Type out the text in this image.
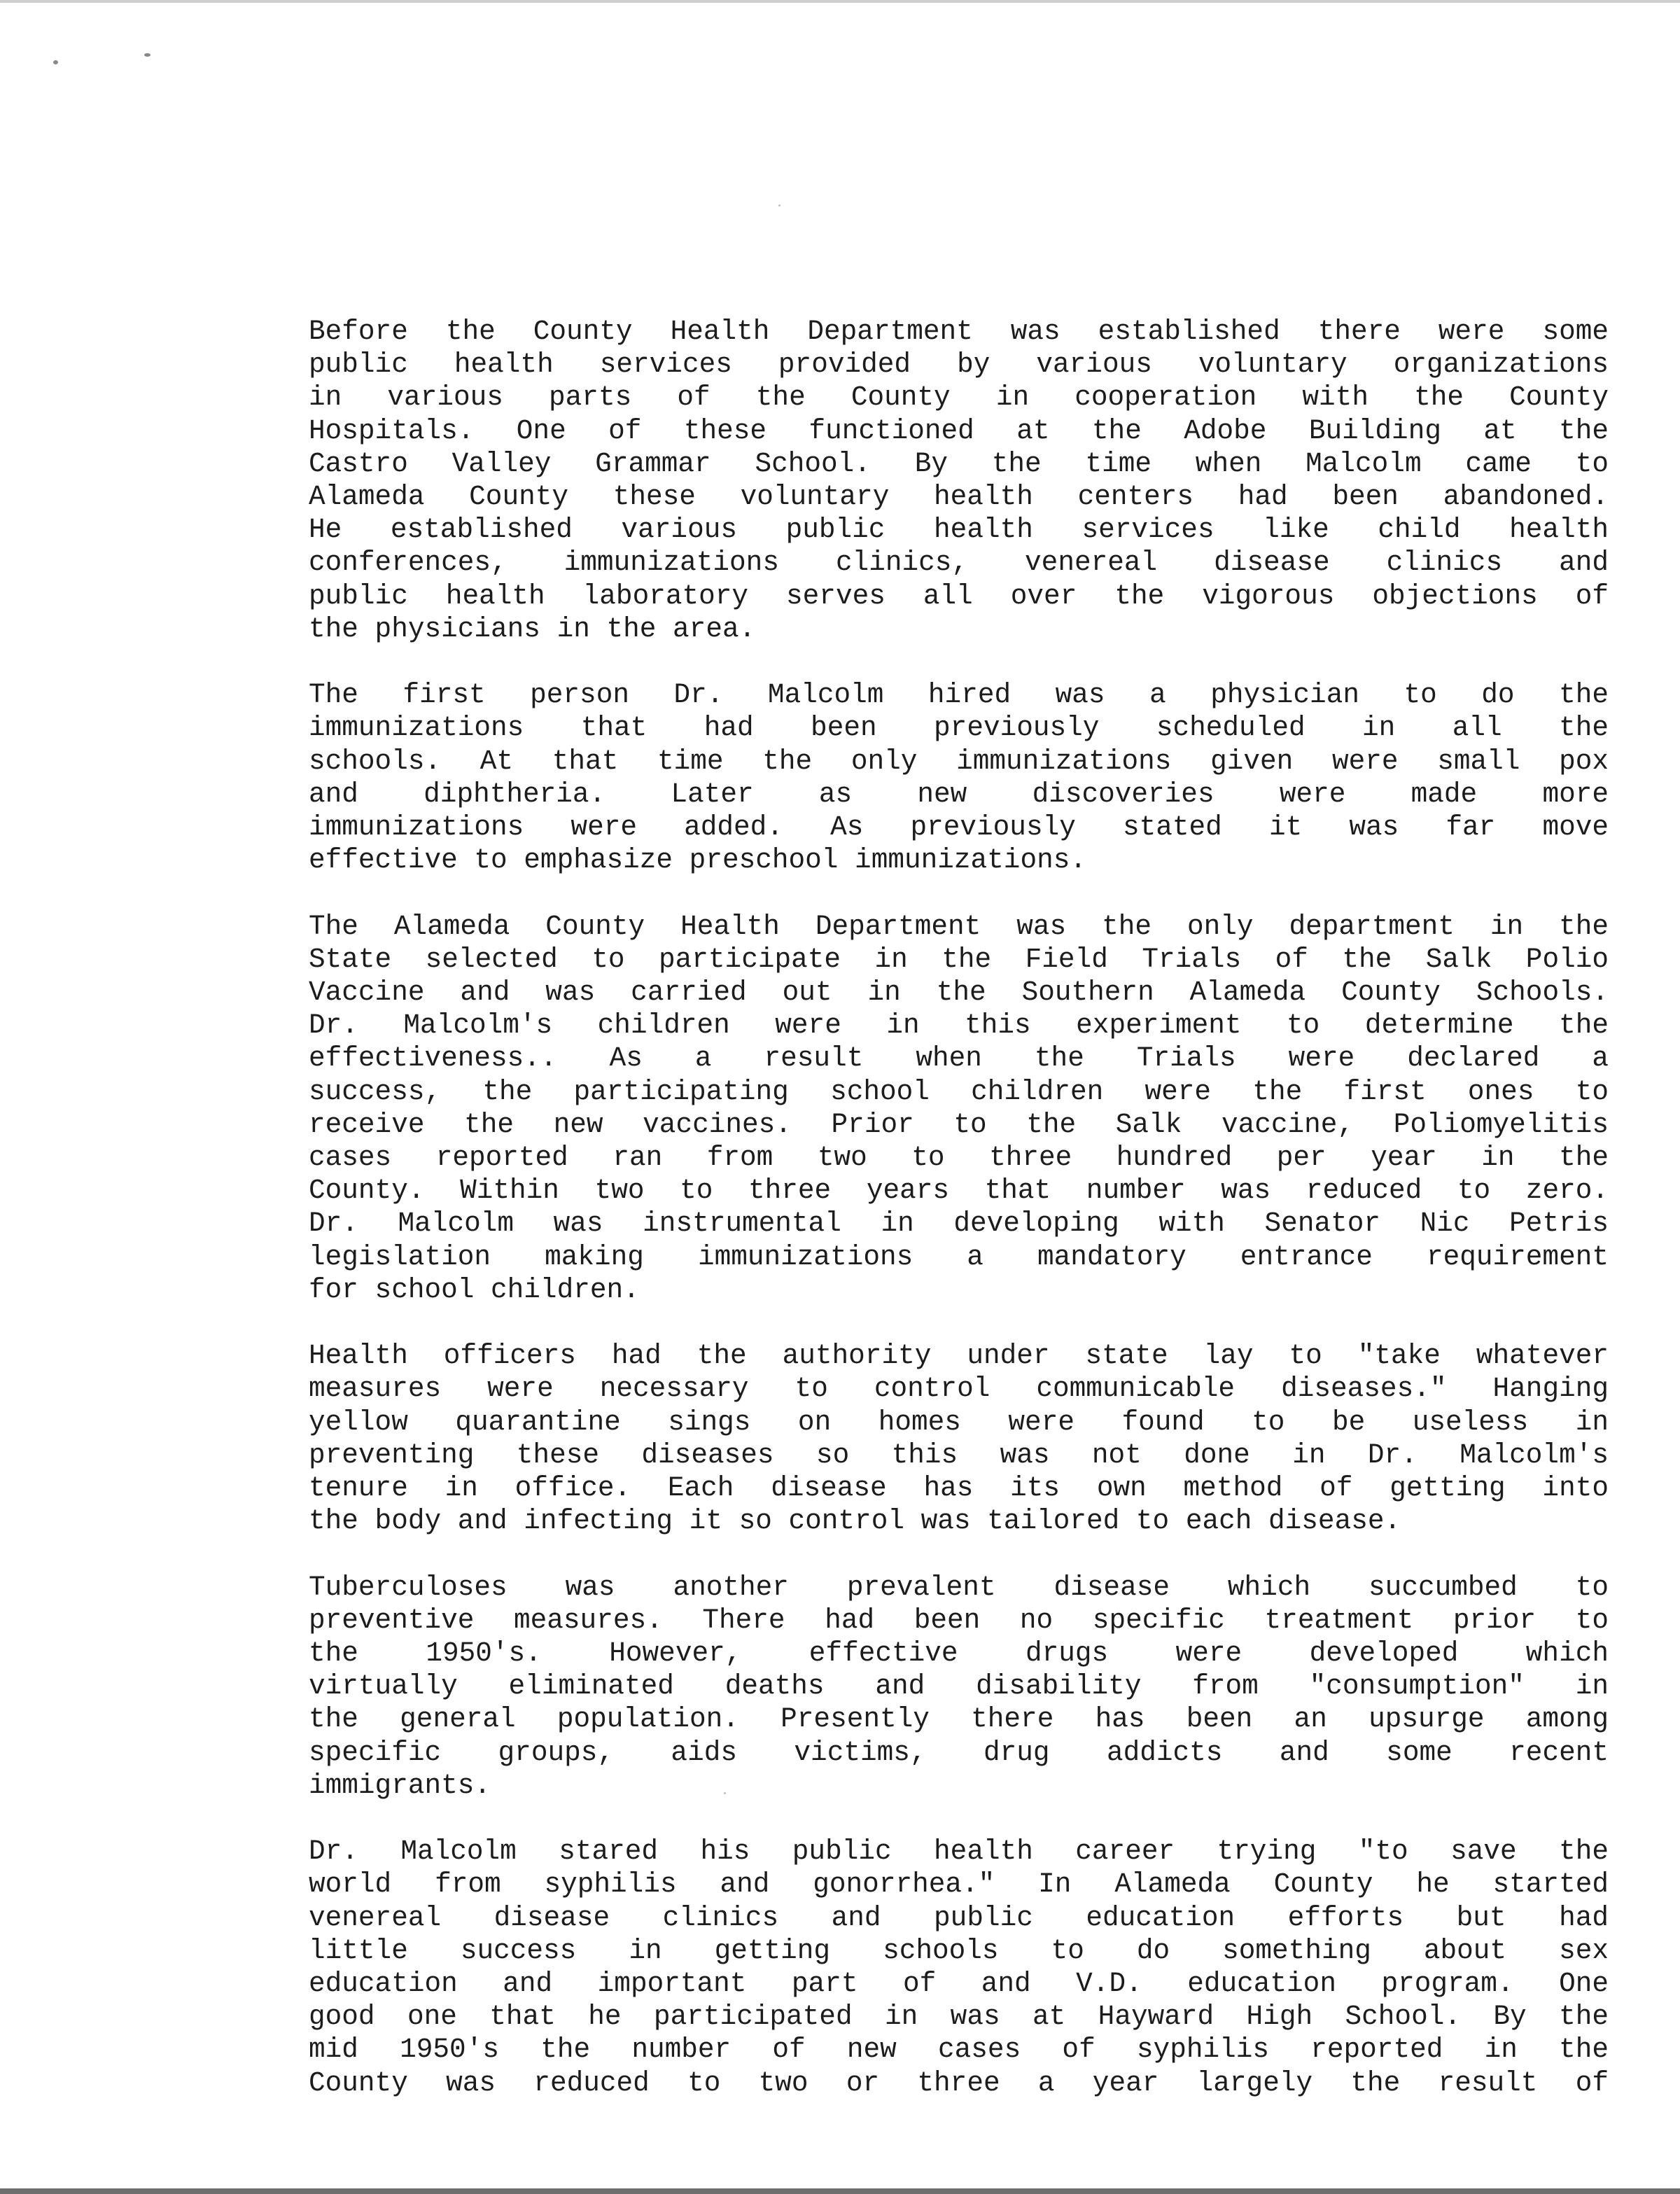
Before the County Health Department was established there were some
public health services provided by various voluntary organizations
in various parts of the County in cooperation with the County
Hospitals. One of these functioned at the Adobe Building at the
Castro Valley Grammar School. By the time when Malcolm came to
Alameda County these voluntary health centers had been abandoned.
He established various public health services like child health
conferences, immunizations clinics, venereal disease clinics and
public health laboratory serves all over the vigorous objections of
the physicians in the area.
The first person Dr. Malcolm hired was a physician to do the
immunizations that had been previously scheduled in all the
schools. At that time the only immunizations given were small pox
and diphtheria. Later as new discoveries were made more
immunizations were added. As previously stated it was far move
effective to emphasize preschool immunizations.
The Alameda County Health Department was the only department in the
State selected to participate in the Field Trials of the Salk Polio
Vaccine and was carried out in the Southern Alameda County Schools.
Dr. Malcolm's children were in this experiment to determine the
effectiveness.. As a result when the Trials were declared a
success, the participating school children were the first ones to
receive the new vaccines. Prior to the Salk vaccine, Poliomyelitis
cases reported ran from two to three hundred per year in the
County. Within two to three years that number was reduced to zero.
Dr. Malcolm was instrumental in developing with Senator Nic Petris
legislation making immunizations a mandatory entrance requirement
for school children.
Health officers had the authority under state lay to "take whatever
measures were necessary to control communicable diseases." Hanging
yellow quarantine sings on homes were found to be useless in
preventing these diseases so this was not done in Dr. Malcolm's
tenure in office. Each disease has its own method of getting into
the body and infecting it so control was tailored to each disease.
Tuberculoses was another prevalent disease which succumbed to
preventive measures. There had been no specific treatment prior to
the 1950's. However, effective drugs were developed which
virtually eliminated deaths and disability from "consumption" in
the general population. Presently there has been an upsurge among
specific groups, aids victims, drug addicts and some recent
immigrants.
Dr. Malcolm stared his public health career trying "to save the
world from syphilis and gonorrhea." In Alameda County he started
venereal disease clinics and public education efforts but had
little success in getting schools to do something about sex
education and important part of and V.D. education program. One
good one that he participated in was at Hayward High School. By the
mid 1950's the number of new cases of syphilis reported in the
County was reduced to two or three a year largely the result of
